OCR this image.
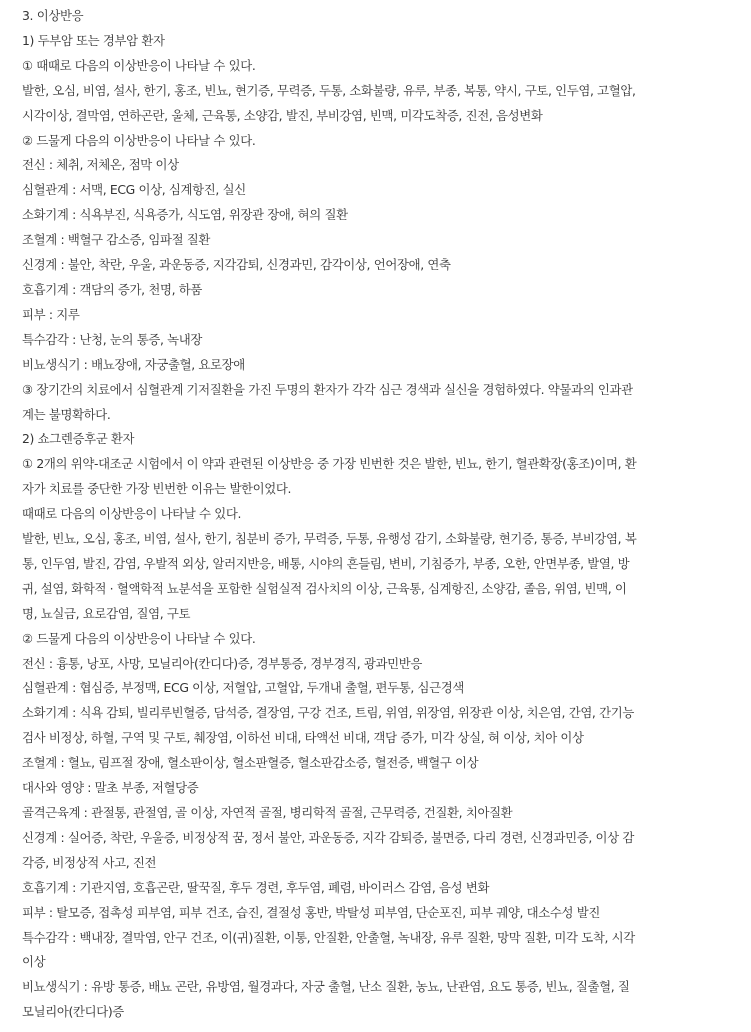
3. 이상반응
1) 두부암 또는 경부암 환자
① 때때로 다음의 이상반응이 나타날 수 있다.
발한, 오심, 비염, 설사, 한기, 홍조, 빈뇨, 현기증, 무력증, 두통, 소화불량, 유루, 부종, 복통, 약시, 구토, 인두염, 고혈압,
시각이상, 결막염, 연하곤란, 울체, 근육통, 소양감, 발진, 부비강염, 빈맥, 미각도착증, 진전, 음성변화
② 드물게 다음의 이상반응이 나타날 수 있다.
전신 : 체취, 저체온, 점막 이상
심혈관계 : 서맥, ECG 이상, 심계항진, 실신
소화기계 : 식욕부진, 식욕증가, 식도염, 위장관 장애, 혀의 질환
조혈계 : 백혈구 감소증, 임파절 질환
신경계 : 불안, 착란, 우울, 과운동증, 지각감퇴, 신경과민, 감각이상, 언어장애, 연축
호흡기계 : 객담의 증가, 천명, 하품
피부 : 지루
특수감각 : 난청, 눈의 통증, 녹내장
비뇨생식기 : 배뇨장애, 자궁출혈, 요로장애
③ 장기간의 치료에서 심혈관계 기저질환을 가진 두명의 환자가 각각 심근 경색과 실신을 경험하였다. 약물과의 인과관
계는 불명확하다.
2) 쇼그렌증후군 환자
① 2개의 위약-대조군 시험에서 이 약과 관련된 이상반응 중 가장 빈번한 것은 발한, 빈뇨, 한기, 혈관확장(홍조)이며, 환
자가 치료를 중단한 가장 빈번한 이유는 발한이었다.
때때로 다음의 이상반응이 나타날 수 있다.
발한, 빈뇨, 오심, 홍조, 비염, 설사, 한기, 침분비 증가, 무력증, 두통, 유행성 감기, 소화불량, 현기증, 통증, 부비강염, 복
통, 인두염, 발진, 감염, 우발적 외상, 알러지반응, 배통, 시야의 흔들림, 변비, 기침증가, 부종, 오한, 안면부종, 발열, 방
귀, 설염, 화학적 · 혈액학적 뇨분석을 포함한 실험실적 검사치의 이상, 근육통, 심계항진, 소양감, 졸음, 위염, 빈맥, 이
명, 뇨실금, 요로감염, 질염, 구토
② 드물게 다음의 이상반응이 나타날 수 있다.
전신 : 흉통, 낭포, 사망, 모닐리아(칸디다)증, 경부통증, 경부경직, 광과민반응
심혈관계 : 협심증, 부정맥, ECG 이상, 저혈압, 고혈압, 두개내 출혈, 편두통, 심근경색
소화기계 : 식욕 감퇴, 빌리루빈혈증, 담석증, 결장염, 구강 건조, 트림, 위염, 위장염, 위장관 이상, 치은염, 간염, 간기능
검사 비정상, 하혈, 구역 및 구토, 췌장염, 이하선 비대, 타액선 비대, 객담 증가, 미각 상실, 혀 이상, 치아 이상
조혈계 : 혈뇨, 림프절 장애, 혈소판이상, 혈소판혈증, 혈소판감소증, 혈전증, 백혈구 이상
대사와 영양 : 말초 부종, 저혈당증
골격근육계 : 관절통, 관절염, 골 이상, 자연적 골절, 병리학적 골절, 근무력증, 건질환, 치아질환
신경계 : 실어증, 착란, 우울증, 비정상적 꿈, 정서 불안, 과운동증, 지각 감퇴증, 불면증, 다리 경련, 신경과민증, 이상 감
각증, 비정상적 사고, 진전
호흡기계 : 기관지염, 호흡곤란, 딸꾹질, 후두 경련, 후두염, 폐렴, 바이러스 감염, 음성 변화
피부 : 탈모증, 접촉성 피부염, 피부 건조, 습진, 결절성 홍반, 박탈성 피부염, 단순포진, 피부 궤양, 대소수성 발진
특수감각 : 백내장, 결막염, 안구 건조, 이(귀)질환, 이통, 안질환, 안출혈, 녹내장, 유루 질환, 망막 질환, 미각 도착, 시각
이상
비뇨생식기 : 유방 통증, 배뇨 곤란, 유방염, 월경과다, 자궁 출혈, 난소 질환, 농뇨, 난관염, 요도 통증, 빈뇨, 질출혈, 질
모닐리아(칸디다)증
